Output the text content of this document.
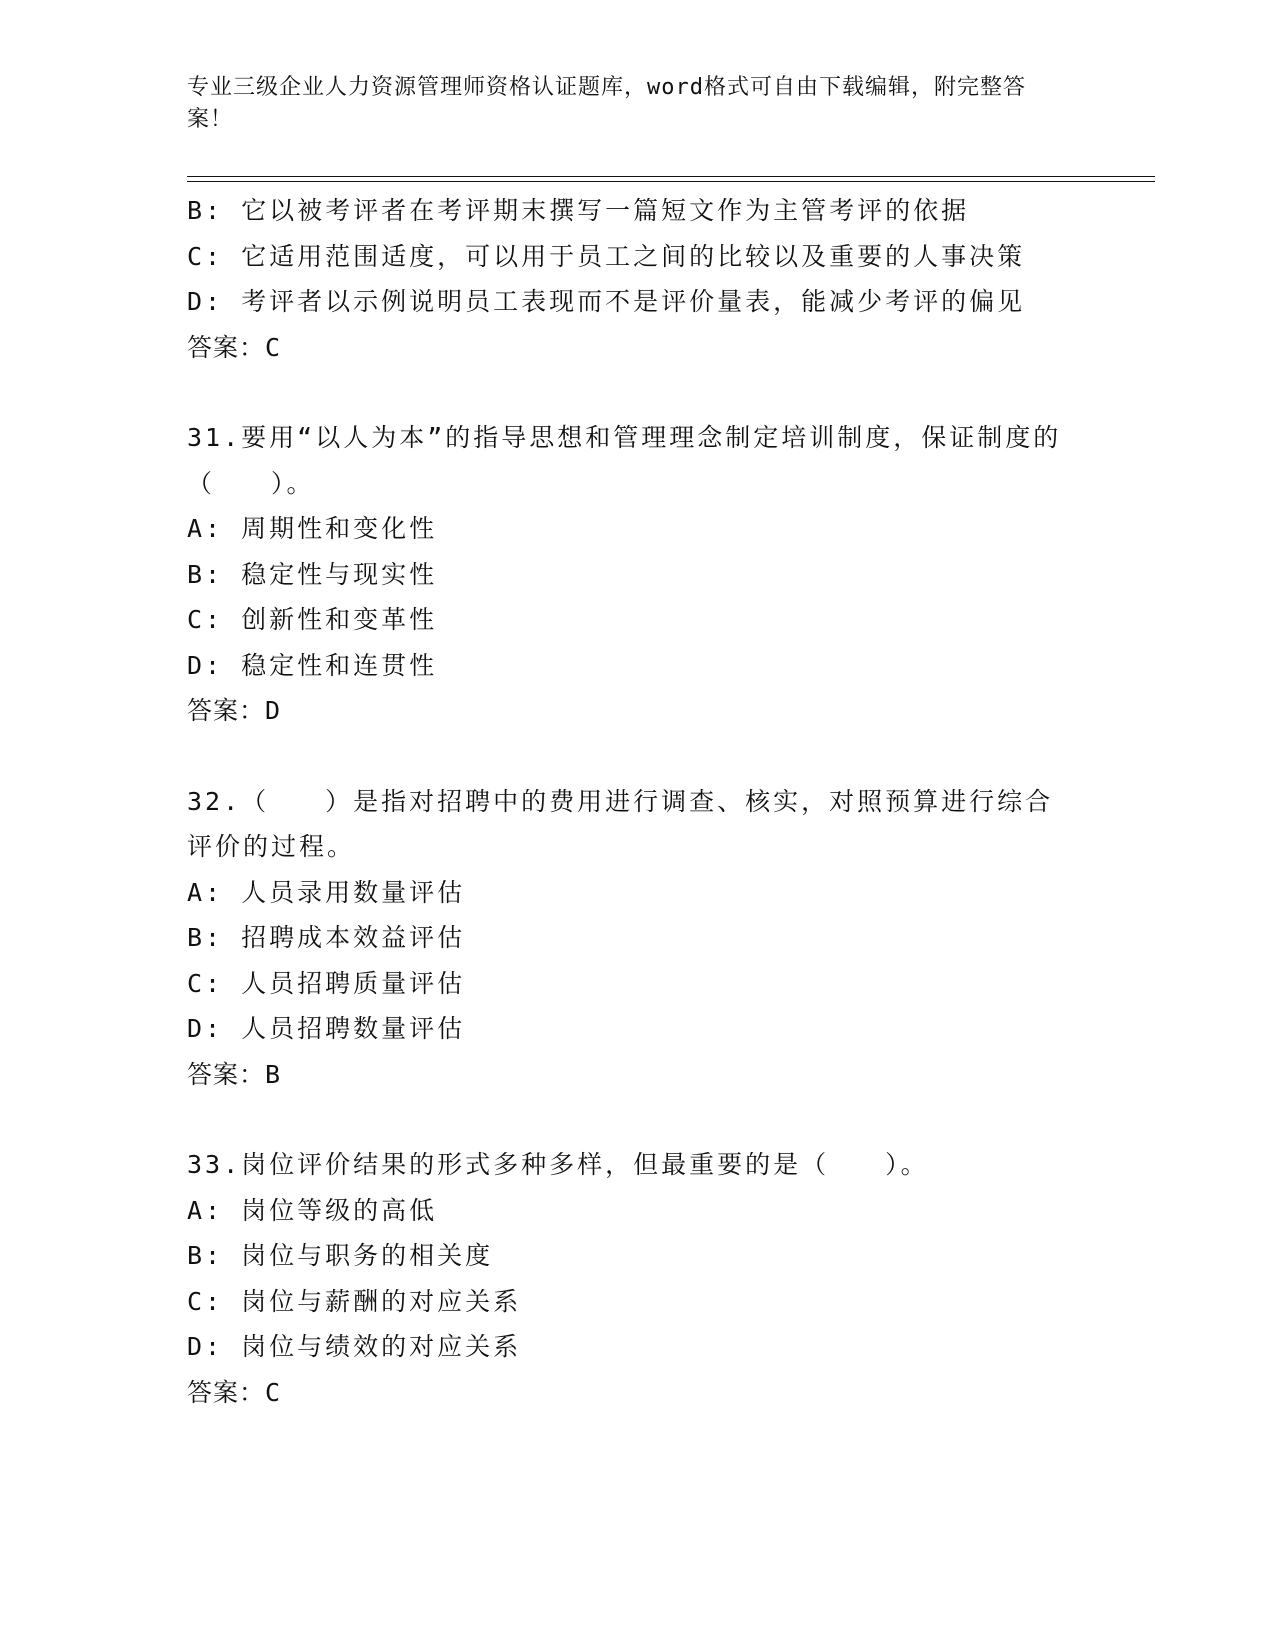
专业三级企业人力资源管理师资格认证题库，word格式可自由下载编辑，附完整答案！
B: 它以被考评者在考评期末撰写一篇短文作为主管考评的依据
C: 它适用范围适度，可以用于员工之间的比较以及重要的人事决策
D: 考评者以示例说明员工表现而不是评价量表，能减少考评的偏见
答案：C
31.要用“以人为本”的指导思想和管理理念制定培训制度，保证制度的（　　）。
A: 周期性和变化性
B: 稳定性与现实性
C: 创新性和变革性
D: 稳定性和连贯性
答案：D
32.（　　）是指对招聘中的费用进行调查、核实，对照预算进行综合评价的过程。
A: 人员录用数量评估
B: 招聘成本效益评估
C: 人员招聘质量评估
D: 人员招聘数量评估
答案：B
33.岗位评价结果的形式多种多样，但最重要的是（　　）。
A: 岗位等级的高低
B: 岗位与职务的相关度
C: 岗位与薪酬的对应关系
D: 岗位与绩效的对应关系
答案：C
